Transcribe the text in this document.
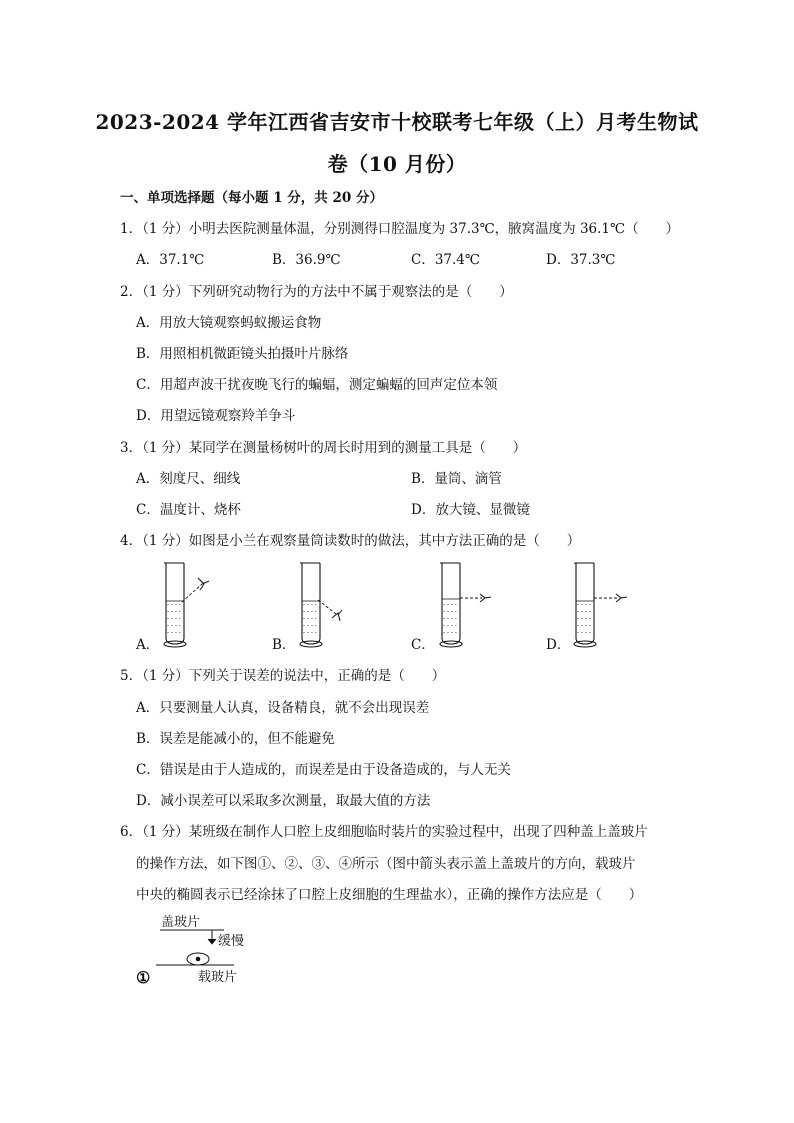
2023-2024 学年江西省吉安市十校联考七年级（上）月考生物试
卷（10 月份）
一、单项选择题（每小题 1 分，共 20 分）
1．（1 分）小明去医院测量体温，分别测得口腔温度为 37.3℃，腋窝温度为 36.1℃（　　）
A．37.1℃	B．36.9℃	C．37.4℃	D．37.3℃
2．（1 分）下列研究动物行为的方法中不属于观察法的是（　　）
A．用放大镜观察蚂蚁搬运食物
B．用照相机微距镜头拍摄叶片脉络
C．用超声波干扰夜晚飞行的蝙蝠，测定蝙蝠的回声定位本领
D．用望远镜观察羚羊争斗
3．（1 分）某同学在测量杨树叶的周长时用到的测量工具是（　　）
A．刻度尺、细线	B．量筒、滴管
C．温度计、烧杯	D．放大镜、显微镜
4．（1 分）如图是小兰在观察量筒读数时的做法，其中方法正确的是（　　）
A．	B．	C．	D．
- - - -
- - - -
- - - -
- - - -
- - - -
- - - -
- - - -
- - - -
- - - -
- - - -
- - - -
- - - -
- - - -
- - - -
- - - -
- - - -
- - - -
- - - -
- - - -
- - - -
5．（1 分）下列关于误差的说法中，正确的是（　　）
A．只要测量人认真，设备精良，就不会出现误差
B．误差是能减小的，但不能避免
C．错误是由于人造成的，而误差是由于设备造成的，与人无关
D．减小误差可以采取多次测量，取最大值的方法
6．（1 分）某班级在制作人口腔上皮细胞临时装片的实验过程中，出现了四种盖上盖玻片
的操作方法，如下图①、②、③、④所示（图中箭头表示盖上盖玻片的方向，载玻片
中央的椭圆表示已经涂抹了口腔上皮细胞的生理盐水），正确的操作方法应是（　　）
盖玻片
缓慢
载玻片
①
